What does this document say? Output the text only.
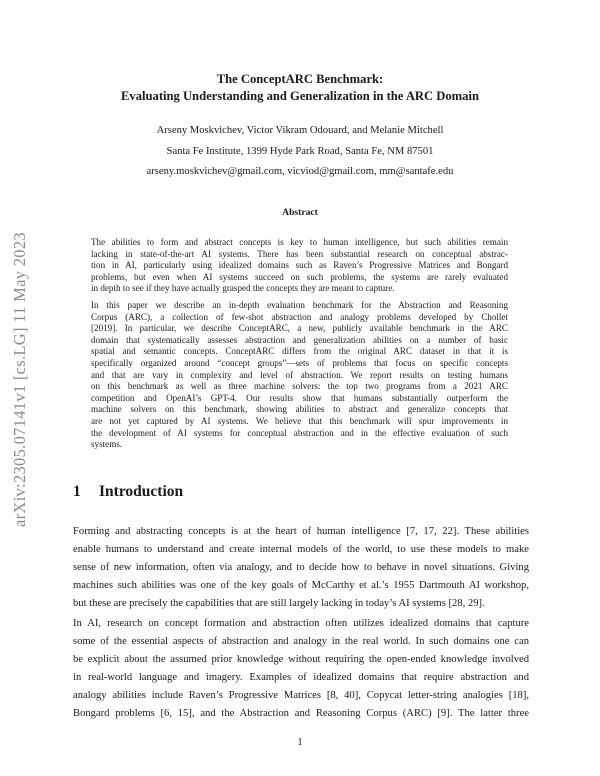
arXiv:2305.07141v1 [cs.LG] 11 May 2023
The ConceptARC Benchmark:
Evaluating Understanding and Generalization in the ARC Domain
Arseny Moskvichev, Victor Vikram Odouard, and Melanie Mitchell
Santa Fe Institute, 1399 Hyde Park Road, Santa Fe, NM 87501
arseny.moskvichev@gmail.com, vicviod@gmail.com, mm@santafe.edu
Abstract
The abilities to form and abstract concepts is key to human intelligence, but such abilities remain
lacking in state-of-the-art AI systems. There has been substantial research on conceptual abstrac-
tion in AI, particularly using idealized domains such as Raven’s Progressive Matrices and Bongard
problems, but even when AI systems succeed on such problems, the systems are rarely evaluated
in depth to see if they have actually grasped the concepts they are meant to capture.
In this paper we describe an in-depth evaluation benchmark for the Abstraction and Reasoning
Corpus (ARC), a collection of few-shot abstraction and analogy problems developed by Chollet
[2019]. In particular, we describe ConceptARC, a new, publicly available benchmark in the ARC
domain that systematically assesses abstraction and generalization abilities on a number of basic
spatial and semantic concepts. ConceptARC differs from the original ARC dataset in that it is
specifically organized around “concept groups”—sets of problems that focus on specific concepts
and that are vary in complexity and level of abstraction. We report results on testing humans
on this benchmark as well as three machine solvers: the top two programs from a 2021 ARC
competition and OpenAI’s GPT-4. Our results show that humans substantially outperform the
machine solvers on this benchmark, showing abilities to abstract and generalize concepts that
are not yet captured by AI systems. We believe that this benchmark will spur improvements in
the development of AI systems for conceptual abstraction and in the effective evaluation of such
systems.
1 Introduction
Forming and abstracting concepts is at the heart of human intelligence [7, 17, 22]. These abilities
enable humans to understand and create internal models of the world, to use these models to make
sense of new information, often via analogy, and to decide how to behave in novel situations. Giving
machines such abilities was one of the key goals of McCarthy et al.’s 1955 Dartmouth AI workshop,
but these are precisely the capabilities that are still largely lacking in today’s AI systems [28, 29].
In AI, research on concept formation and abstraction often utilizes idealized domains that capture
some of the essential aspects of abstraction and analogy in the real world. In such domains one can
be explicit about the assumed prior knowledge without requiring the open-ended knowledge involved
in real-world language and imagery. Examples of idealized domains that require abstraction and
analogy abilities include Raven’s Progressive Matrices [8, 40], Copycat letter-string analogies [18],
Bongard problems [6, 15], and the Abstraction and Reasoning Corpus (ARC) [9]. The latter three
1
